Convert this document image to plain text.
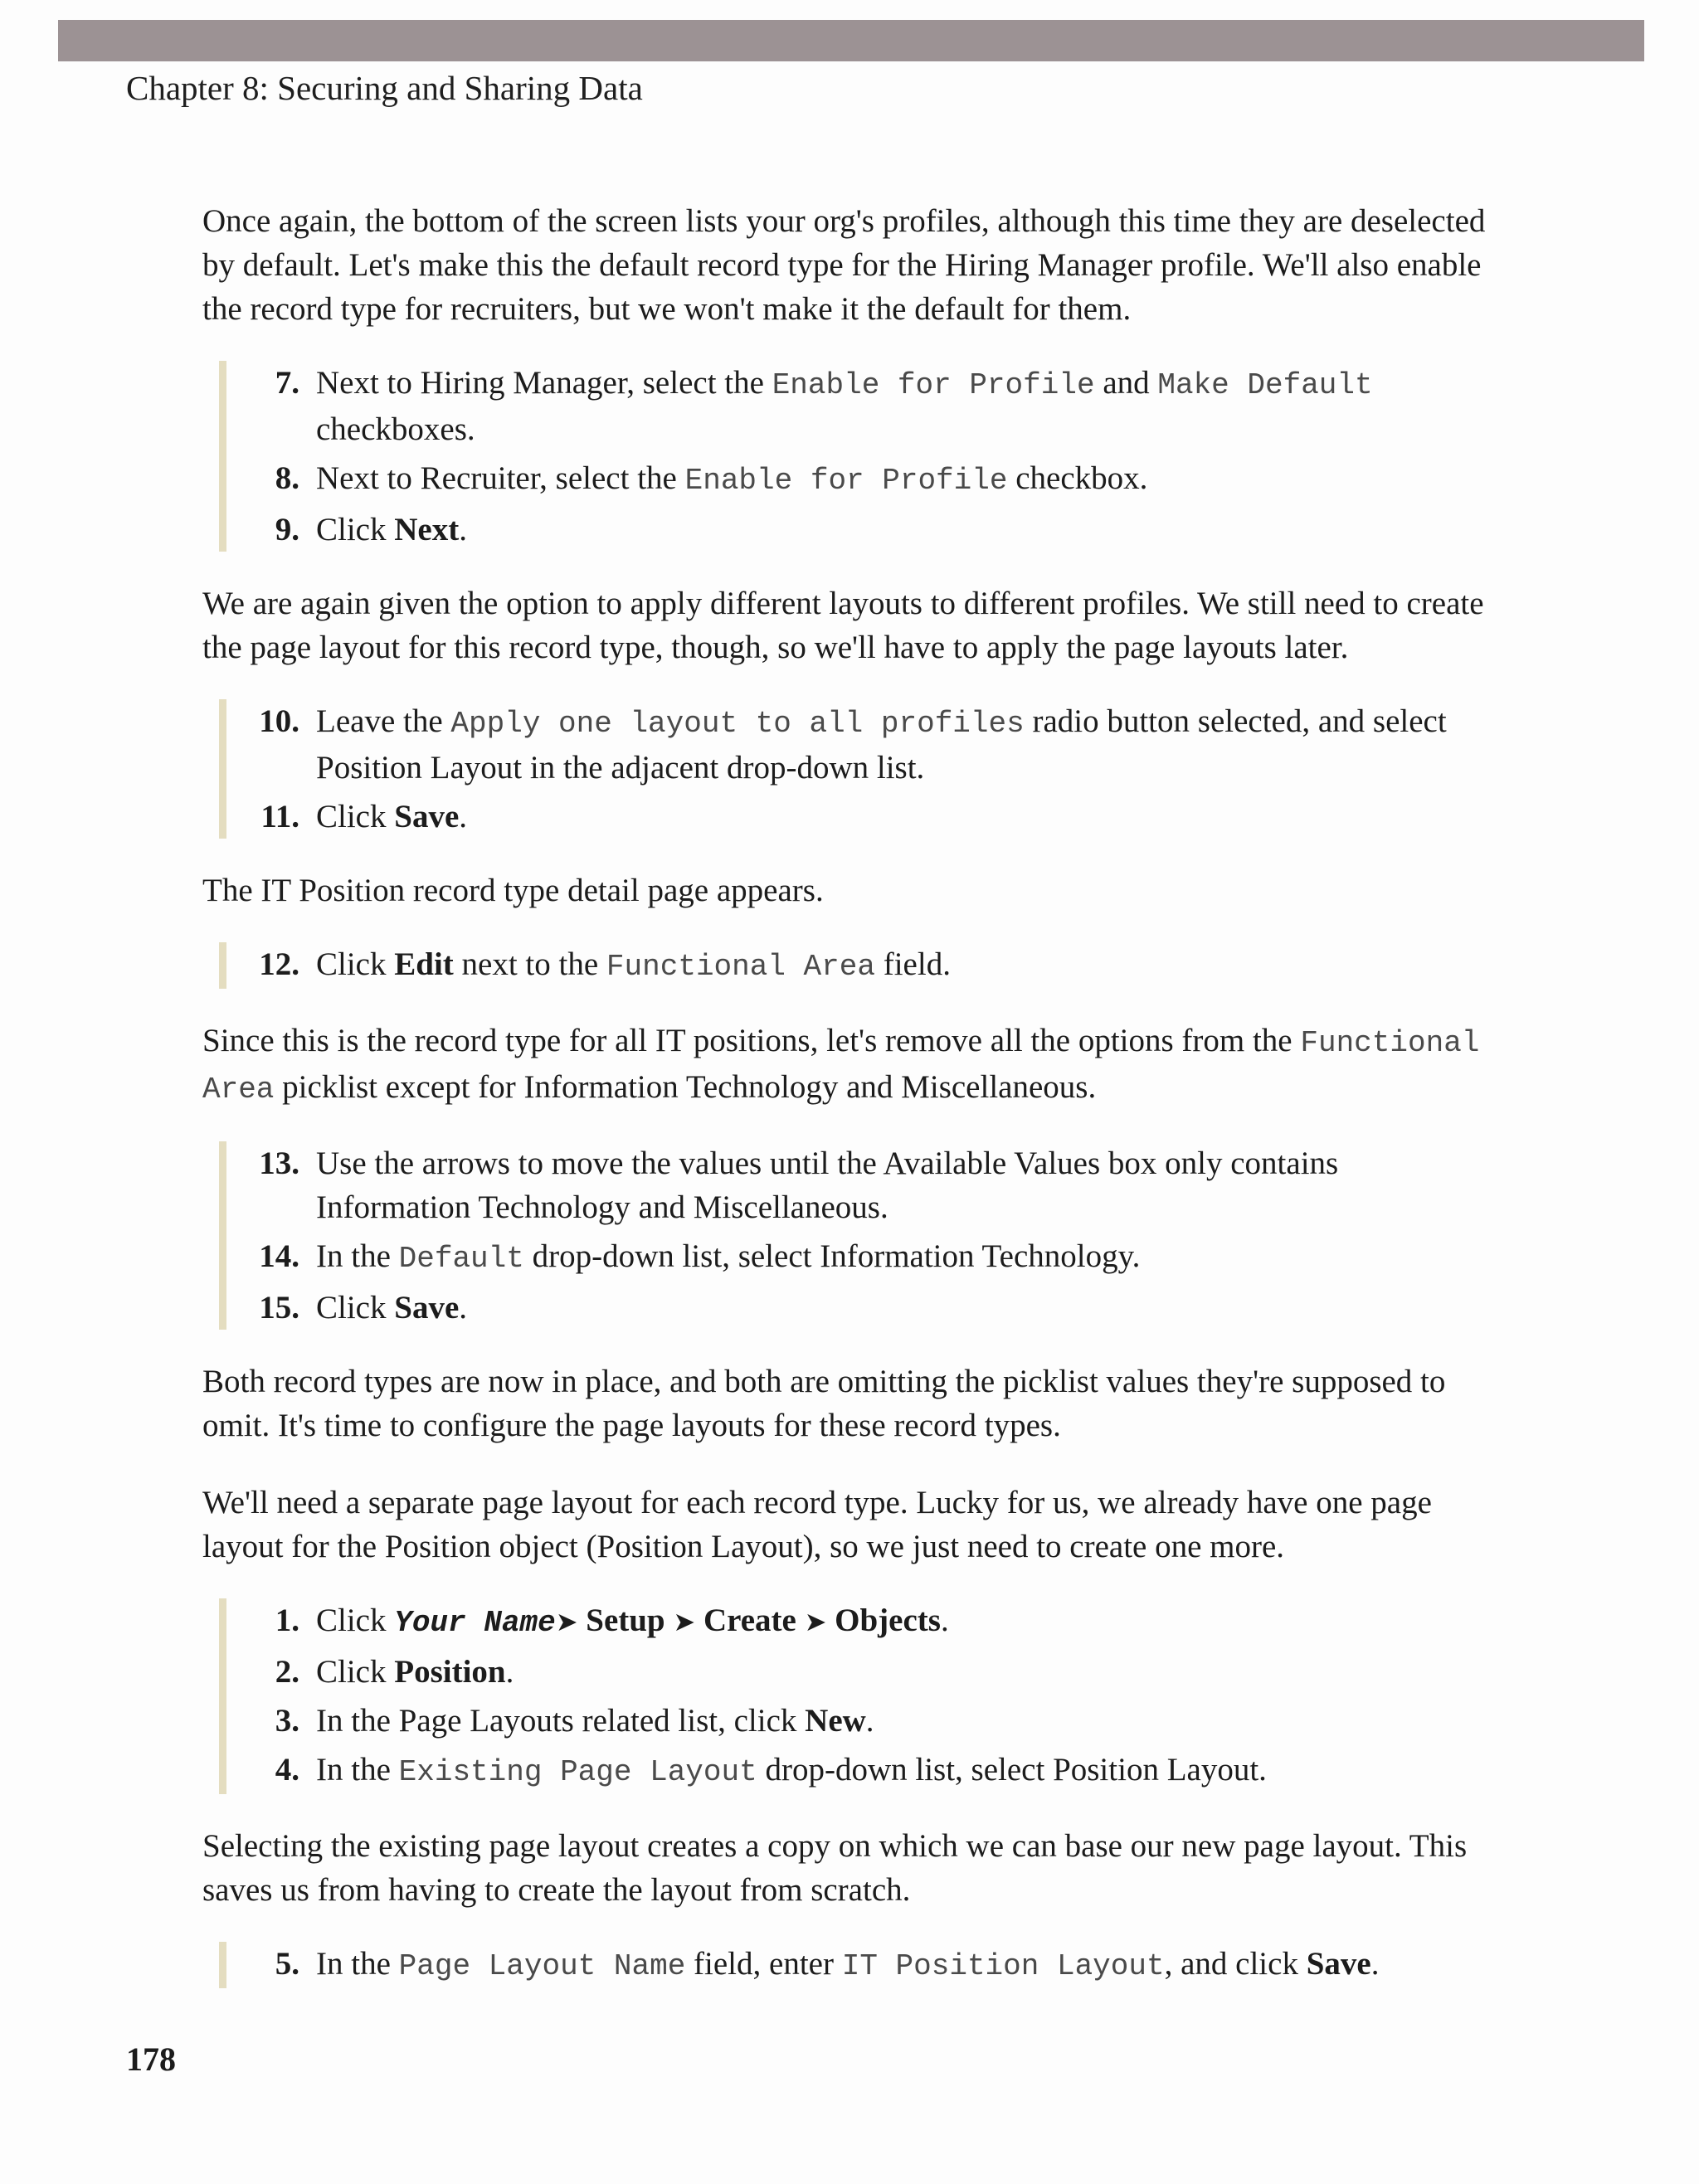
Chapter 8: Securing and Sharing Data

Once again, the bottom of the screen lists your org's profiles, although this time they are deselected by default. Let's make this the default record type for the Hiring Manager profile. We'll also enable the record type for recruiters, but we won't make it the default for them.

7. Next to Hiring Manager, select the Enable for Profile and Make Default checkboxes.
8. Next to Recruiter, select the Enable for Profile checkbox.
9. Click Next.

We are again given the option to apply different layouts to different profiles. We still need to create the page layout for this record type, though, so we'll have to apply the page layouts later.

10. Leave the Apply one layout to all profiles radio button selected, and select Position Layout in the adjacent drop-down list.
11. Click Save.

The IT Position record type detail page appears.

12. Click Edit next to the Functional Area field.

Since this is the record type for all IT positions, let's remove all the options from the Functional Area picklist except for Information Technology and Miscellaneous.

13. Use the arrows to move the values until the Available Values box only contains Information Technology and Miscellaneous.
14. In the Default drop-down list, select Information Technology.
15. Click Save.

Both record types are now in place, and both are omitting the picklist values they're supposed to omit. It's time to configure the page layouts for these record types.

We'll need a separate page layout for each record type. Lucky for us, we already have one page layout for the Position object (Position Layout), so we just need to create one more.

1. Click Your Name➤ Setup ➤ Create ➤ Objects.
2. Click Position.
3. In the Page Layouts related list, click New.
4. In the Existing Page Layout drop-down list, select Position Layout.

Selecting the existing page layout creates a copy on which we can base our new page layout. This saves us from having to create the layout from scratch.

5. In the Page Layout Name field, enter IT Position Layout, and click Save.
178
